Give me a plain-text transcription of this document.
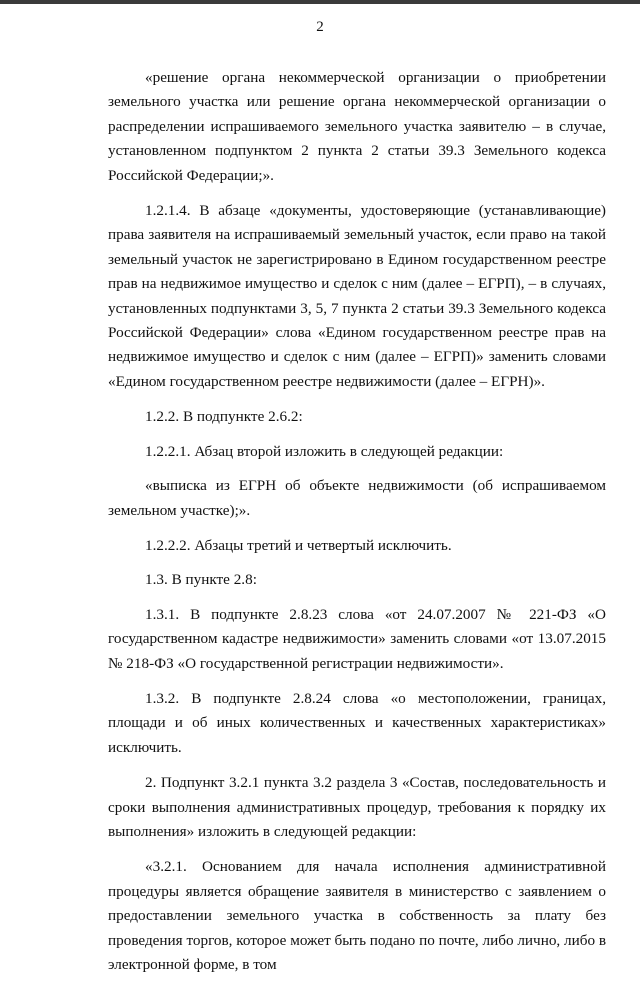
2

«решение органа некоммерческой организации о приобретении земельного участка или решение органа некоммерческой организации о распределении испрашиваемого земельного участка заявителю – в случае, установленном подпунктом 2 пункта 2 статьи 39.3 Земельного кодекса Российской Федерации;».

1.2.1.4. В абзаце «документы, удостоверяющие (устанавливающие) права заявителя на испрашиваемый земельный участок, если право на такой земельный участок не зарегистрировано в Едином государственном реестре прав на недвижимое имущество и сделок с ним (далее – ЕГРП), – в случаях, установленных подпунктами 3, 5, 7 пункта 2 статьи 39.3 Земельного кодекса Российской Федерации» слова «Едином государственном реестре прав на недвижимое имущество и сделок с ним (далее – ЕГРП)» заменить словами «Едином государственном реестре недвижимости (далее – ЕГРН)».

1.2.2. В подпункте 2.6.2:

1.2.2.1. Абзац второй изложить в следующей редакции:

«выписка из ЕГРН об объекте недвижимости (об испрашиваемом земельном участке);».

1.2.2.2. Абзацы третий и четвертый исключить.

1.3. В пункте 2.8:

1.3.1. В подпункте 2.8.23 слова «от 24.07.2007 № 221-ФЗ «О государственном кадастре недвижимости» заменить словами «от 13.07.2015 № 218-ФЗ «О государственной регистрации недвижимости».

1.3.2. В подпункте 2.8.24 слова «о местоположении, границах, площади и об иных количественных и качественных характеристиках» исключить.

2. Подпункт 3.2.1 пункта 3.2 раздела 3 «Состав, последовательность и сроки выполнения административных процедур, требования к порядку их выполнения» изложить в следующей редакции:

«3.2.1. Основанием для начала исполнения административной процедуры является обращение заявителя в министерство с заявлением о предоставлении земельного участка в собственность за плату без проведения торгов, которое может быть подано по почте, либо лично, либо в электронной форме, в том
